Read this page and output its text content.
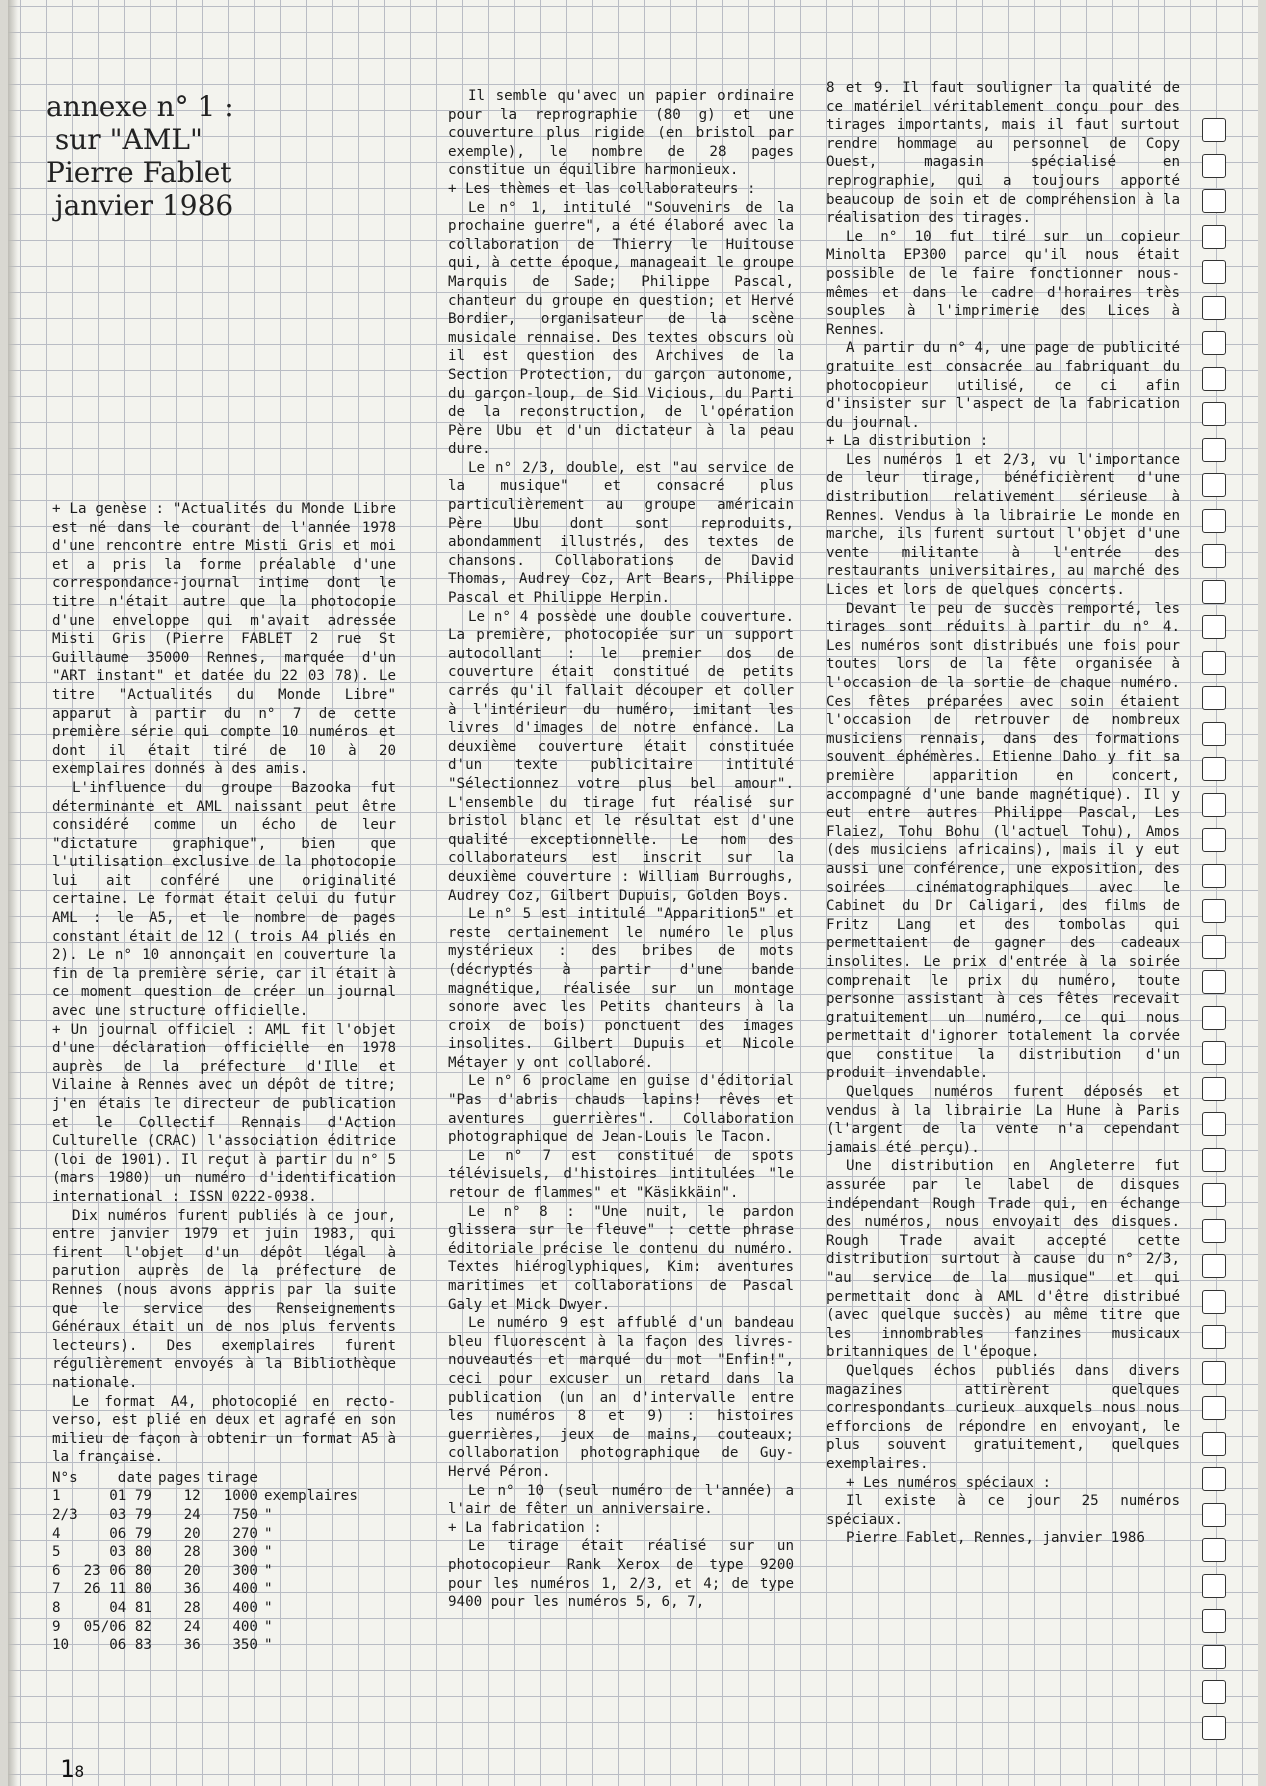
annexe n° 1 :
sur "AML"
Pierre Fablet
janvier 1986

+ La genèse : "Actualités du Monde Libre est né dans le courant de l'année 1978 d'une rencontre entre Misti Gris et moi et a pris la forme préalable d'une correspondance-journal intime dont le titre n'était autre que la photocopie d'une enveloppe qui m'avait adressée Misti Gris (Pierre FABLET 2 rue St Guillaume 35000 Rennes, marquée d'un "ART instant" et datée du 22 03 78). Le titre "Actualités du Monde Libre" apparut à partir du n° 7 de cette première série qui compte 10 numéros et dont il était tiré de 10 à 20 exemplaires donnés à des amis.

L'influence du groupe Bazooka fut déterminante et AML naissant peut être considéré comme un écho de leur "dictature graphique", bien que l'utilisation exclusive de la photocopie lui ait conféré une originalité certaine. Le format était celui du futur AML : le A5, et le nombre de pages constant était de 12 ( trois A4 pliés en 2). Le n° 10 annonçait en couverture la fin de la première série, car il était à ce moment question de créer un journal avec une structure officielle.

+ Un journal officiel : AML fit l'objet d'une déclaration officielle en 1978 auprès de la préfecture d'Ille et Vilaine à Rennes avec un dépôt de titre; j'en étais le directeur de publication et le Collectif Rennais d'Action Culturelle (CRAC) l'association éditrice (loi de 1901). Il reçut à partir du n° 5 (mars 1980) un numéro d'identification international : ISSN 0222-0938.

Dix numéros furent publiés à ce jour, entre janvier 1979 et juin 1983, qui firent l'objet d'un dépôt légal à parution auprès de la préfecture de Rennes (nous avons appris par la suite que le service des Renseignements Généraux était un de nos plus fervents lecteurs). Des exemplaires furent régulièrement envoyés à la Bibliothèque nationale.

Le format A4, photocopié en recto-verso, est plié en deux et agrafé en son milieu de façon à obtenir un format A5 à la française.

N°s	date	pages	tirage	
1	01 79	12	1000	exemplaires
2/3	03 79	24	750	"
4	06 79	20	270	"
5	03 80	28	300	"
6	23 06 80	20	300	"
7	26 11 80	36	400	"
8	04 81	28	400	"
9	05/06 82	24	400	"
10	06 83	36	350	"

Il semble qu'avec un papier ordinaire pour la reprographie (80 g) et une couverture plus rigide (en bristol par exemple), le nombre de 28 pages constitue un équilibre harmonieux.

+ Les thèmes et las collaborateurs :

Le n° 1, intitulé "Souvenirs de la prochaine guerre", a été élaboré avec la collaboration de Thierry le Huitouse qui, à cette époque, manageait le groupe Marquis de Sade; Philippe Pascal, chanteur du groupe en question; et Hervé Bordier, organisateur de la scène musicale rennaise. Des textes obscurs où il est question des Archives de la Section Protection, du garçon autonome, du garçon-loup, de Sid Vicious, du Parti de la reconstruction, de l'opération Père Ubu et d'un dictateur à la peau dure.

Le n° 2/3, double, est "au service de la musique" et consacré plus particulièrement au groupe américain Père Ubu dont sont reproduits, abondamment illustrés, des textes de chansons. Collaborations de David Thomas, Audrey Coz, Art Bears, Philippe Pascal et Philippe Herpin.

Le n° 4 possède une double couverture. La première, photocopiée sur un support autocollant : le premier dos de couverture était constitué de petits carrés qu'il fallait découper et coller à l'intérieur du numéro, imitant les livres d'images de notre enfance. La deuxième couverture était constituée d'un texte publicitaire intitulé "Sélectionnez votre plus bel amour". L'ensemble du tirage fut réalisé sur bristol blanc et le résultat est d'une qualité exceptionnelle. Le nom des collaborateurs est inscrit sur la deuxième couverture : William Burroughs, Audrey Coz, Gilbert Dupuis, Golden Boys.

Le n° 5 est intitulé "Apparition5" et reste certainement le numéro le plus mystérieux : des bribes de mots (décryptés à partir d'une bande magnétique, réalisée sur un montage sonore avec les Petits chanteurs à la croix de bois) ponctuent des images insolites. Gilbert Dupuis et Nicole Métayer y ont collaboré.

Le n° 6 proclame en guise d'éditorial "Pas d'abris chauds lapins! rêves et aventures guerrières". Collaboration photographique de Jean-Louis le Tacon.

Le n° 7 est constitué de spots télévisuels, d'histoires intitulées "le retour de flammes" et "Käsikkäin".

Le n° 8 : "Une nuit, le pardon glissera sur le fleuve" : cette phrase éditoriale précise le contenu du numéro. Textes hiéroglyphiques, Kim: aventures maritimes et collaborations de Pascal Galy et Mick Dwyer.

Le numéro 9 est affublé d'un bandeau bleu fluorescent à la façon des livres-nouveautés et marqué du mot "Enfin!", ceci pour excuser un retard dans la publication (un an d'intervalle entre les numéros 8 et 9) : histoires guerrières, jeux de mains, couteaux; collaboration photographique de Guy-Hervé Péron.

Le n° 10 (seul numéro de l'année) a l'air de fêter un anniversaire.

+ La fabrication :

Le tirage était réalisé sur un photocopieur Rank Xerox de type 9200 pour les numéros 1, 2/3, et 4; de type 9400 pour les numéros 5, 6, 7,

8 et 9. Il faut souligner la qualité de ce matériel véritablement conçu pour des tirages importants, mais il faut surtout rendre hommage au personnel de Copy Ouest, magasin spécialisé en reprographie, qui a toujours apporté beaucoup de soin et de compréhension à la réalisation des tirages.

Le n° 10 fut tiré sur un copieur Minolta EP300 parce qu'il nous était possible de le faire fonctionner nous-mêmes et dans le cadre d'horaires très souples à l'imprimerie des Lices à Rennes.

A partir du n° 4, une page de publicité gratuite est consacrée au fabriquant du photocopieur utilisé, ce ci afin d'insister sur l'aspect de la fabrication du journal.

+ La distribution :

Les numéros 1 et 2/3, vu l'importance de leur tirage, bénéficièrent d'une distribution relativement sérieuse à Rennes. Vendus à la librairie Le monde en marche, ils furent surtout l'objet d'une vente militante à l'entrée des restaurants universitaires, au marché des Lices et lors de quelques concerts.

Devant le peu de succès remporté, les tirages sont réduits à partir du n° 4. Les numéros sont distribués une fois pour toutes lors de la fête organisée à l'occasion de la sortie de chaque numéro. Ces fêtes préparées avec soin étaient l'occasion de retrouver de nombreux musiciens rennais, dans des formations souvent éphémères. Etienne Daho y fit sa première apparition en concert, accompagné d'une bande magnétique). Il y eut entre autres Philippe Pascal, Les Flaiez, Tohu Bohu (l'actuel Tohu), Amos (des musiciens africains), mais il y eut aussi une conférence, une exposition, des soirées cinématographiques avec le Cabinet du Dr Caligari, des films de Fritz Lang et des tombolas qui permettaient de gagner des cadeaux insolites. Le prix d'entrée à la soirée comprenait le prix du numéro, toute personne assistant à ces fêtes recevait gratuitement un numéro, ce qui nous permettait d'ignorer totalement la corvée que constitue la distribution d'un produit invendable.

Quelques numéros furent déposés et vendus à la librairie La Hune à Paris (l'argent de la vente n'a cependant jamais été perçu).

Une distribution en Angleterre fut assurée par le label de disques indépendant Rough Trade qui, en échange des numéros, nous envoyait des disques. Rough Trade avait accepté cette distribution surtout à cause du n° 2/3, "au service de la musique" et qui permettait donc à AML d'être distribué (avec quelque succès) au même titre que les innombrables fanzines musicaux britanniques de l'époque.

Quelques échos publiés dans divers magazines attirèrent quelques correspondants curieux auxquels nous nous efforcions de répondre en envoyant, le plus souvent gratuitement, quelques exemplaires.

+ Les numéros spéciaux :

Il existe à ce jour 25 numéros spéciaux.

Pierre Fablet, Rennes, janvier 1986

18
